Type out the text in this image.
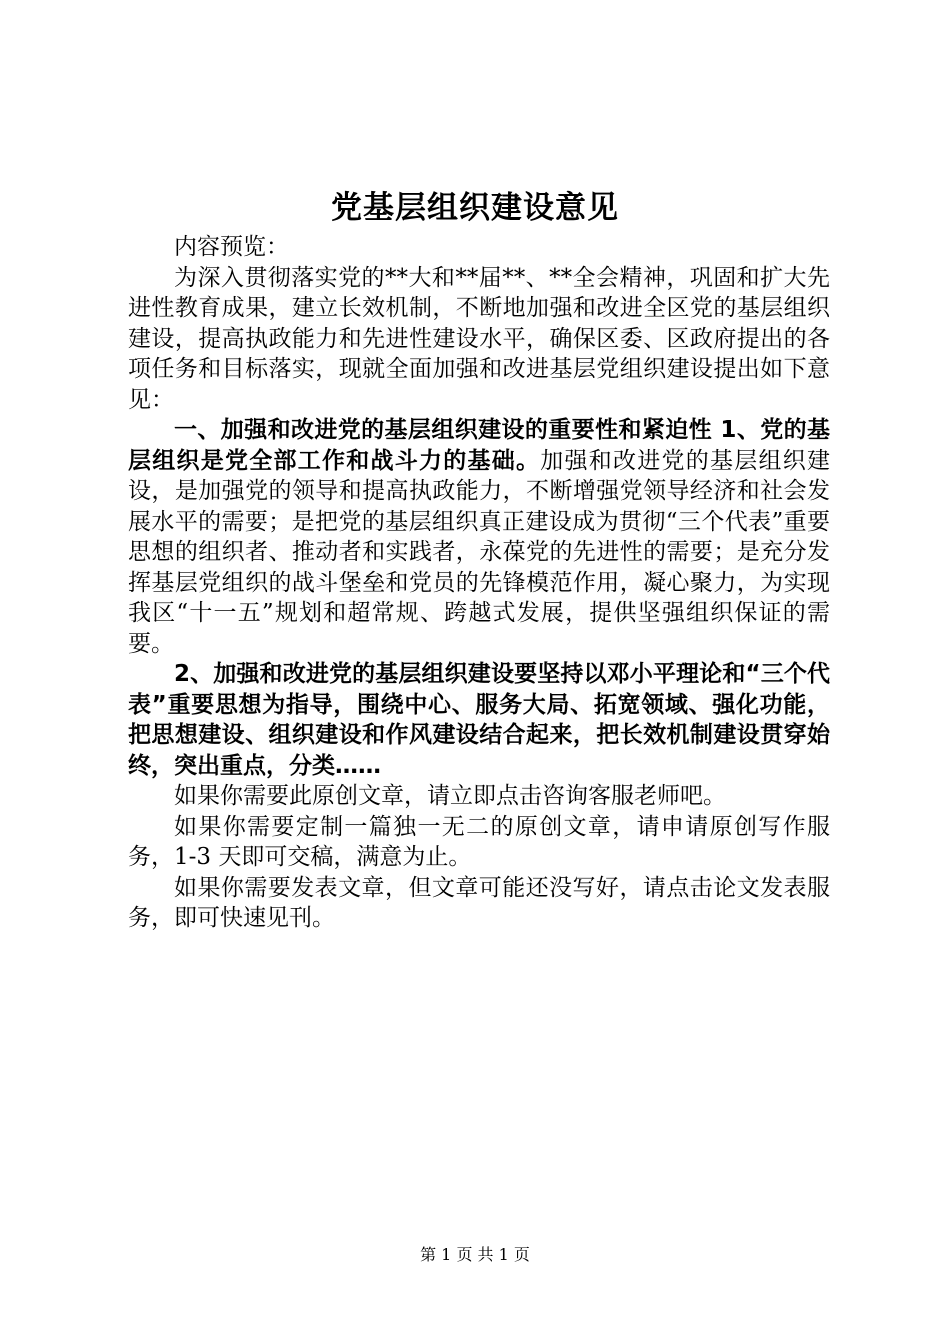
党基层组织建设意见

内容预览：

为深入贯彻落实党的**大和**届**、**全会精神，巩固和扩大先进性教育成果，建立长效机制，不断地加强和改进全区党的基层组织建设，提高执政能力和先进性建设水平，确保区委、区政府提出的各项任务和目标落实，现就全面加强和改进基层党组织建设提出如下意见：

一、加强和改进党的基层组织建设的重要性和紧迫性 1、党的基层组织是党全部工作和战斗力的基础。加强和改进党的基层组织建设，是加强党的领导和提高执政能力，不断增强党领导经济和社会发展水平的需要；是把党的基层组织真正建设成为贯彻“三个代表”重要思想的组织者、推动者和实践者，永葆党的先进性的需要；是充分发挥基层党组织的战斗堡垒和党员的先锋模范作用，凝心聚力，为实现我区“十一五”规划和超常规、跨越式发展，提供坚强组织保证的需要。

2、加强和改进党的基层组织建设要坚持以邓小平理论和“三个代表”重要思想为指导，围绕中心、服务大局、拓宽领域、强化功能，把思想建设、组织建设和作风建设结合起来，把长效机制建设贯穿始终，突出重点，分类……

如果你需要此原创文章，请立即点击咨询客服老师吧。

如果你需要定制一篇独一无二的原创文章，请申请原创写作服务，1-3 天即可交稿，满意为止。

如果你需要发表文章，但文章可能还没写好，请点击论文发表服务，即可快速见刊。

第 1 页 共 1 页
